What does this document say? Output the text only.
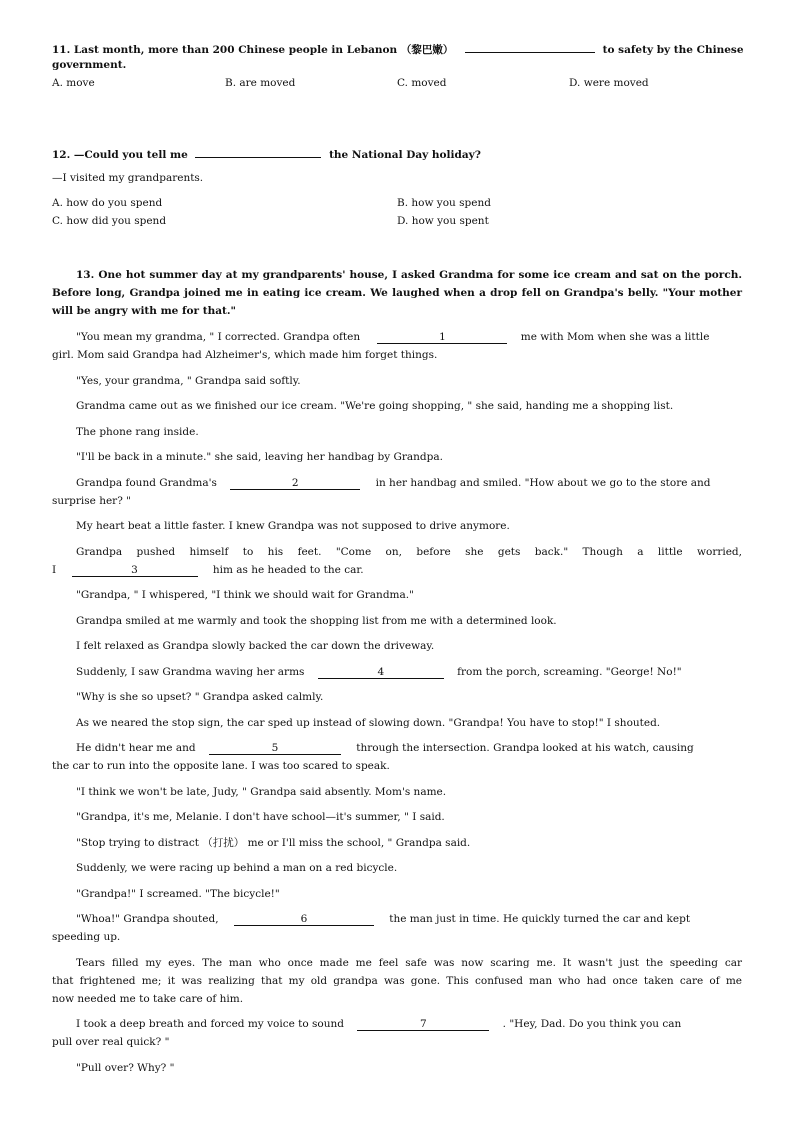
11. Last month, more than 200 Chinese people in Lebanon （黎巴嫩）	to safety by the Chinese
government.
A. move	B. are moved	C. moved	D. were moved
12. —Could you tell me	the National Day holiday?
—I visited my grandparents.
A. how do you spend	B. how you spend
C. how did you spend	D. how you spent
13. One hot summer day at my grandparents' house, I asked Grandma for some ice cream and sat on the porch.
Before long, Grandpa joined me in eating ice cream. We laughed when a drop fell on Grandpa's belly. "Your mother
will be angry with me for that."
"You mean my grandma, " I corrected. Grandpa often	1	me with Mom when she was a little
girl. Mom said Grandpa had Alzheimer's, which made him forget things.
"Yes, your grandma, " Grandpa said softly.
Grandma came out as we finished our ice cream. "We're going shopping, " she said, handing me a shopping list.
The phone rang inside.
"I'll be back in a minute." she said, leaving her handbag by Grandpa.
Grandpa found Grandma's	2	in her handbag and smiled. "How about we go to the store and
surprise her? "
My heart beat a little faster. I knew Grandpa was not supposed to drive anymore.
Grandpa pushed himself to his feet. "Come on, before she gets back." Though a little worried,
I	3	him as he headed to the car.
"Grandpa, " I whispered, "I think we should wait for Grandma."
Grandpa smiled at me warmly and took the shopping list from me with a determined look.
I felt relaxed as Grandpa slowly backed the car down the driveway.
Suddenly, I saw Grandma waving her arms	4	from the porch, screaming. "George! No!"
"Why is she so upset? " Grandpa asked calmly.
As we neared the stop sign, the car sped up instead of slowing down. "Grandpa! You have to stop!" I shouted.
He didn't hear me and	5	through the intersection. Grandpa looked at his watch, causing
the car to run into the opposite lane. I was too scared to speak.
"I think we won't be late, Judy, " Grandpa said absently. Mom's name.
"Grandpa, it's me, Melanie. I don't have school—it's summer, " I said.
"Stop trying to distract （打扰） me or I'll miss the school, " Grandpa said.
Suddenly, we were racing up behind a man on a red bicycle.
"Grandpa!" I screamed. "The bicycle!"
"Whoa!" Grandpa shouted,	6	the man just in time. He quickly turned the car and kept
speeding up.
Tears filled my eyes. The man who once made me feel safe was now scaring me. It wasn't just the speeding car
that frightened me; it was realizing that my old grandpa was gone. This confused man who had once taken care of me
now needed me to take care of him.
I took a deep breath and forced my voice to sound	7	. "Hey, Dad. Do you think you can
pull over real quick? "
"Pull over? Why? "
